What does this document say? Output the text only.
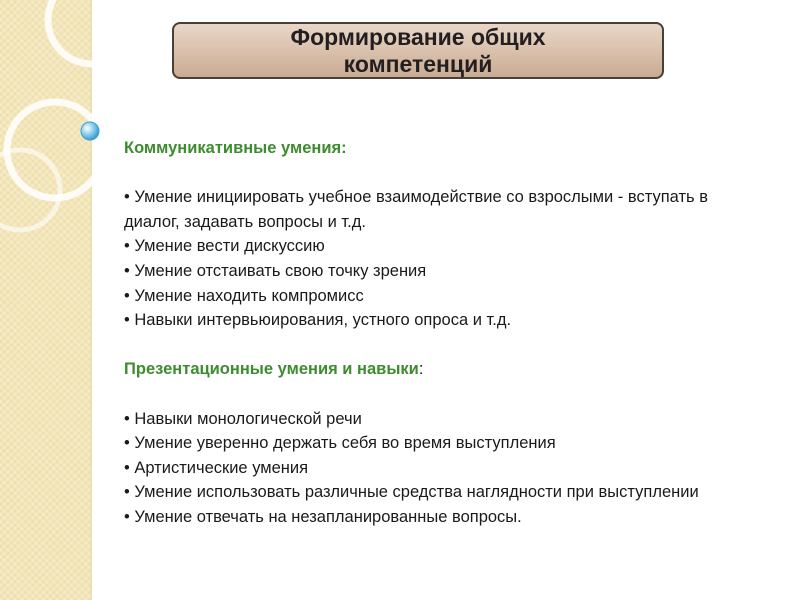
Формирование общих компетенций
Коммуникативные умения:
• Умение инициировать учебное взаимодействие со взрослыми - вступать в диалог, задавать вопросы и т.д.
• Умение вести дискуссию
• Умение отстаивать свою точку зрения
• Умение находить компромисс
• Навыки интервьюирования, устного опроса и т.д.
Презентационные умения и навыки:
• Навыки монологической речи
• Умение уверенно держать себя во время выступления
• Артистические умения
• Умение использовать различные средства наглядности при выступлении
• Умение отвечать на незапланированные вопросы.
